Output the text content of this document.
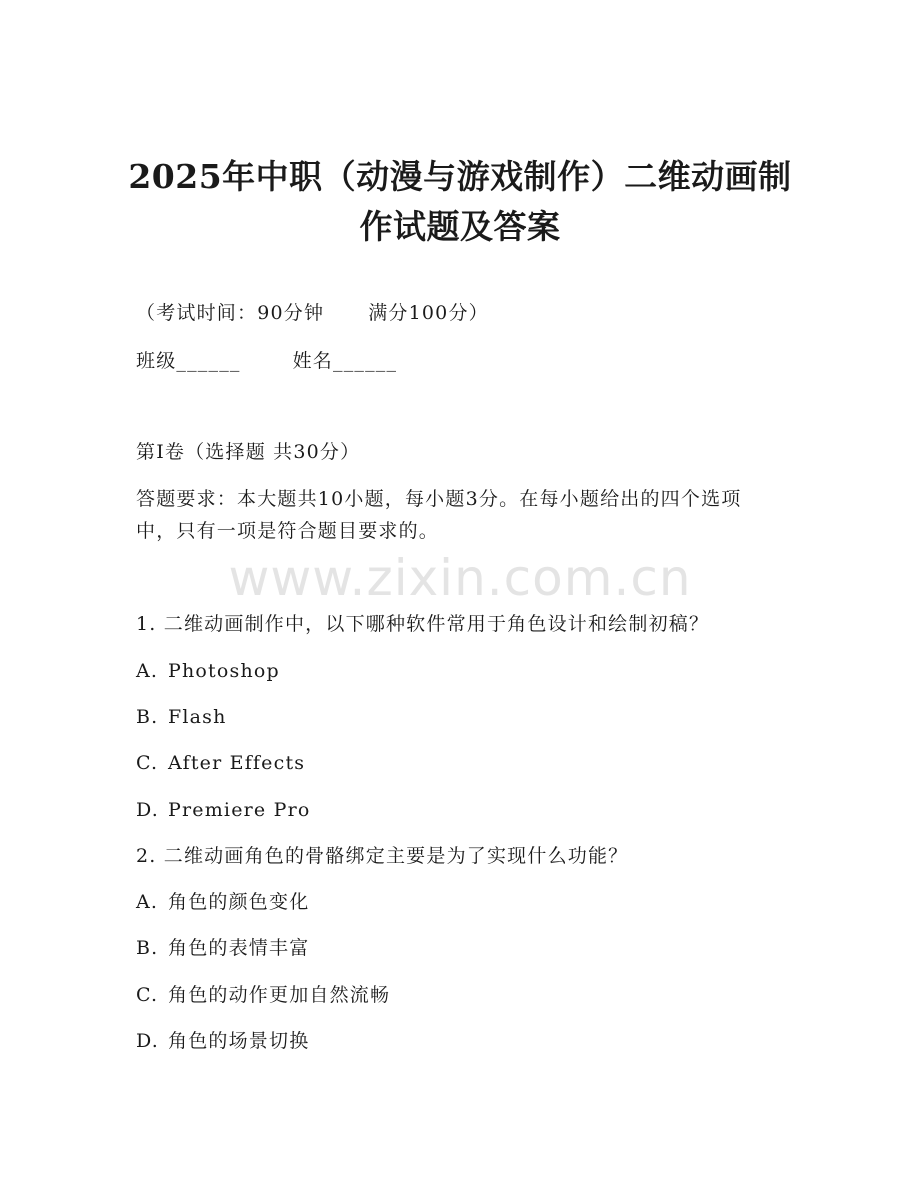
www.zixin.com.cn
2025年中职（动漫与游戏制作）二维动画制
作试题及答案

（考试时间：90分钟 满分100分）

班级______	姓名______

第Ⅰ卷（选择题 共30分）

答题要求：本大题共10小题，每小题3分。在每小题给出的四个选项

中，只有一项是符合题目要求的。

1. 二维动画制作中，以下哪种软件常用于角色设计和绘制初稿？

A. Photoshop

B. Flash

C. After Effects

D. Premiere Pro

2. 二维动画角色的骨骼绑定主要是为了实现什么功能？

A. 角色的颜色变化

B. 角色的表情丰富

C. 角色的动作更加自然流畅

D. 角色的场景切换
